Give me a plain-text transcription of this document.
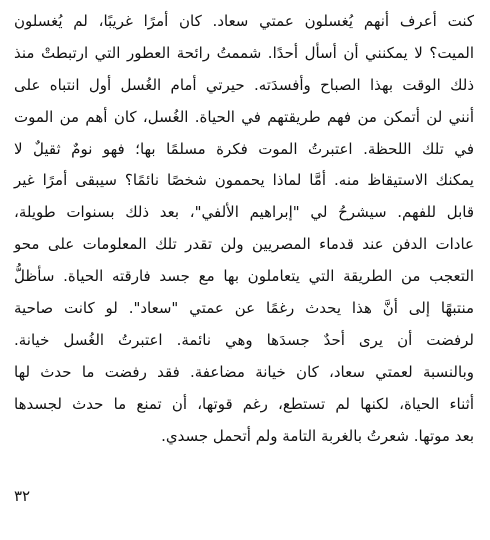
كنت أعرف أنهم يُغسلون عمتي سعاد. كان أمرًا غريبًا، لم يُغسلون
الميت؟ لا يمكنني أن أسأل أحدًا. شممتُ رائحة العطور التي ارتبطتْ منذ
ذلك الوقت بهذا الصباح وأفسدَته. حيرتي أمام الغُسل أول انتباه على
أنني لن أتمكن من فهم طريقتهم في الحياة. الغُسل، كان أهم من الموت
في تلك اللحظة. اعتبرتُ الموت فكرة مسلمًا بها؛ فهو نومٌ ثقيلٌ لا
يمكنك الاستيقاظ منه. أمَّا لماذا يحممون شخصًا نائمًا؟ سيبقى أمرًا غير
قابل للفهم. سيشرحُ لي "إبراهيم الألفي"، بعد ذلك بسنوات طويلة،
عادات الدفن عند قدماء المصريين ولن تقدر تلك المعلومات على محو
التعجب من الطريقة التي يتعاملون بها مع جسد فارقته الحياة. سأظلُّ
منتبهًا إلى أنَّ هذا يحدث رغمًا عن عمتي "سعاد". لو كانت صاحية
لرفضت أن يرى أحدٌ جسدَها وهي نائمة. اعتبرتُ الغُسل خيانة.
وبالنسبة لعمتي سعاد، كان خيانة مضاعفة. فقد رفضت ما حدث لها
أثناء الحياة، لكنها لم تستطع، رغم قوتها، أن تمنع ما حدث لجسدها
بعد موتها. شعرتُ بالغربة التامة ولم أتحمل جسدي.
٣٢
